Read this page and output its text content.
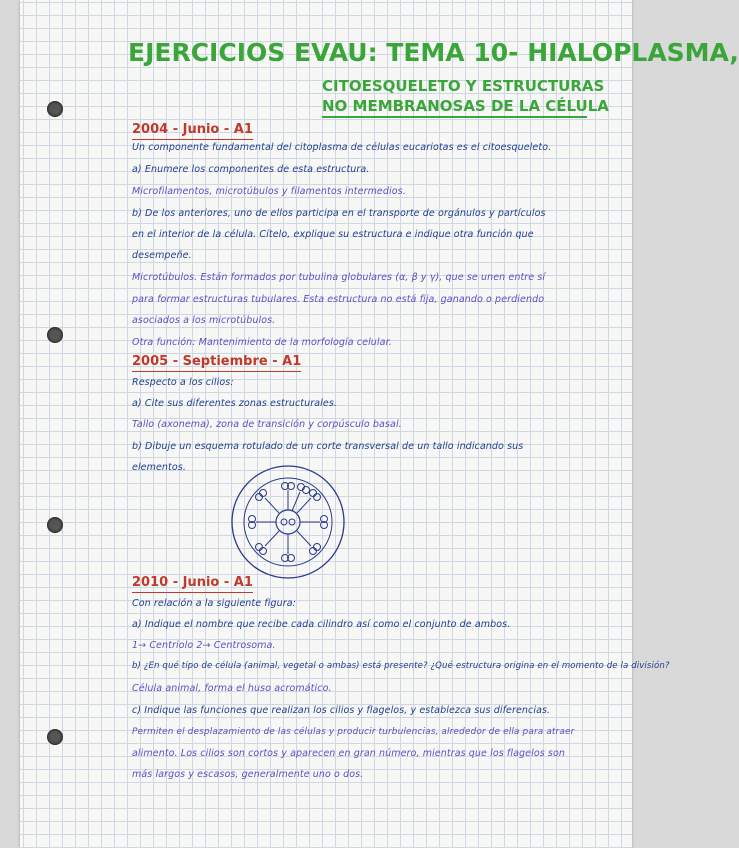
EJERCICIOS EVAU: TEMA 10- HIALOPLASMA,
CITOESQUELETO Y ESTRUCTURAS
NO MEMBRANOSAS DE LA CÉLULA
2004 - Junio - A1
Un componente fundamental del citoplasma de células eucariotas es el citoesqueleto.
a) Enumere los componentes de esta estructura.
Microfilamentos, microtúbulos y filamentos intermedios.
b) De los anteriores, uno de ellos participa en el transporte de orgánulos y partículos
en el interior de la célula. Cítelo, explique su estructura e indique otra función que
desempeñe.
Microtúbulos. Están formados por tubulina globulares (α, β y γ), que se unen entre sí
para formar estructuras tubulares. Esta estructura no está fija, ganando o perdiendo
asociados a los microtúbulos.
Otra función: Mantenimiento de la morfología celular.
2005 - Septiembre - A1
Respecto a los cilios:
a) Cite sus diferentes zonas estructurales.
Tallo (axonema), zona de transición y corpúsculo basal.
b) Dibuje un esquema rotulado de un corte transversal de un tallo indicando sus
elementos.
2010 - Junio - A1
Con relación a la siguiente figura:
a) Indique el nombre que recibe cada cilindro así como el conjunto de ambos.
1→ Centriolo 2→ Centrosoma.
b) ¿En qué tipo de célula (animal, vegetal o ambas) está presente? ¿Qué estructura origina en el momento de la división?
Célula animal, forma el huso acromático.
c) Indique las funciones que realizan los cilios y flagelos, y establezca sus diferencias.
Permiten el desplazamiento de las células y producir turbulencias, alrededor de ella para atraer
alimento. Los cilios son cortos y aparecen en gran número, mientras que los flagelos son
más largos y escasos, generalmente uno o dos.
